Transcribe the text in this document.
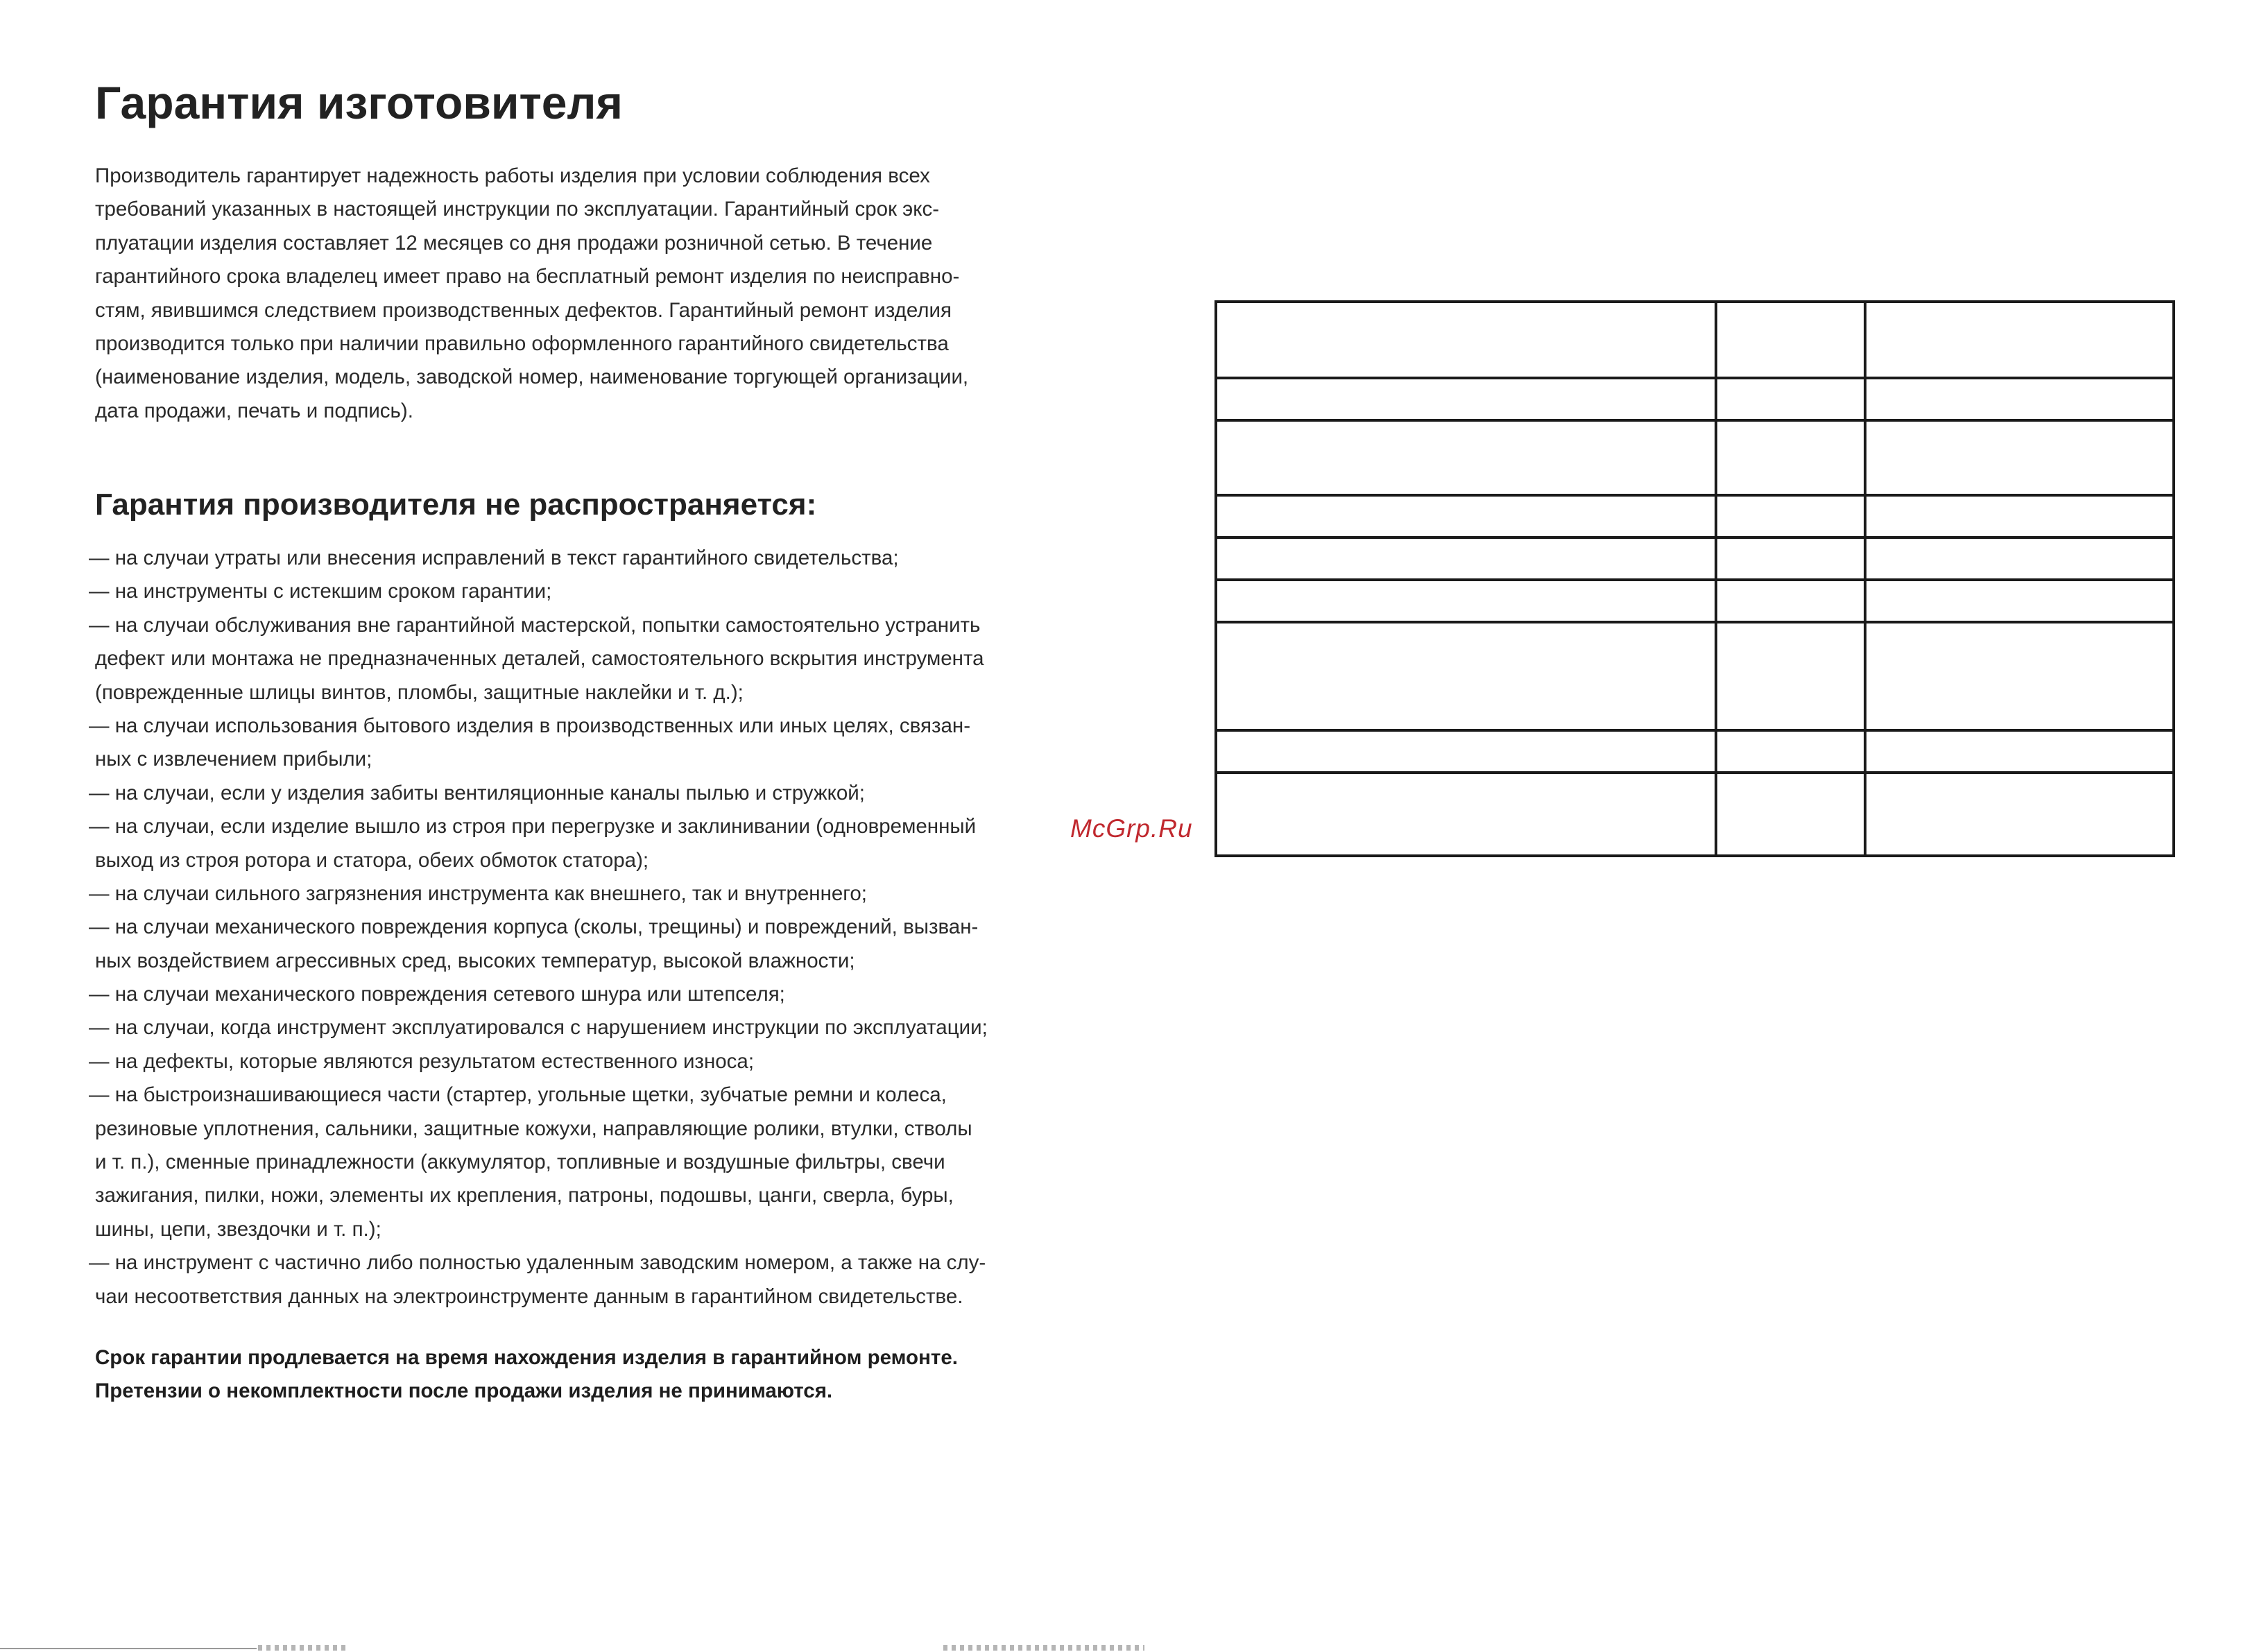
Гарантия изготовителя
Производитель гарантирует надежность работы изделия при условии соблюдения всех
требований указанных в настоящей инструкции по эксплуатации. Гарантийный срок экс-
плуатации изделия составляет 12 месяцев со дня продажи розничной сетью. В течение
гарантийного срока владелец имеет право на бесплатный ремонт изделия по неисправно-
стям, явившимся следствием производственных дефектов. Гарантийный ремонт изделия
производится только при наличии правильно оформленного гарантийного свидетельства
(наименование изделия, модель, заводской номер, наименование торгующей организации,
дата продажи, печать и подпись).
Гарантия производителя не распространяется:
— на случаи утраты или внесения исправлений в текст гарантийного свидетельства;
— на инструменты с истекшим сроком гарантии;
— на случаи обслуживания вне гарантийной мастерской, попытки самостоятельно устранить
дефект или монтажа не предназначенных деталей, самостоятельного вскрытия инструмента
(поврежденные шлицы винтов, пломбы, защитные наклейки и т. д.);
— на случаи использования бытового изделия в производственных или иных целях, связан-
ных с извлечением прибыли;
— на случаи, если у изделия забиты вентиляционные каналы пылью и стружкой;
— на случаи, если изделие вышло из строя при перегрузке и заклинивании (одновременный
выход из строя ротора и статора, обеих обмоток статора);
— на случаи сильного загрязнения инструмента как внешнего, так и внутреннего;
— на случаи механического повреждения корпуса (сколы, трещины) и повреждений, вызван-
ных воздействием агрессивных сред, высоких температур, высокой влажности;
— на случаи механического повреждения сетевого шнура или штепселя;
— на случаи, когда инструмент эксплуатировался с нарушением инструкции по эксплуатации;
— на дефекты, которые являются результатом естественного износа;
— на быстроизнашивающиеся части (стартер, угольные щетки, зубчатые ремни и колеса,
резиновые уплотнения, сальники, защитные кожухи, направляющие ролики, втулки, стволы
и т. п.), сменные принадлежности (аккумулятор, топливные и воздушные фильтры, свечи
зажигания, пилки, ножи, элементы их крепления, патроны, подошвы, цанги, сверла, буры,
шины, цепи, звездочки и т. п.);
— на инструмент с частично либо полностью удаленным заводским номером, а также на слу-
чаи несоответствия данных на электроинструменте данным в гарантийном свидетельстве.
Срок гарантии продлевается на время нахождения изделия в гарантийном ремонте.
Претензии о некомплектности после продажи изделия не принимаются.
McGrp.Ru
